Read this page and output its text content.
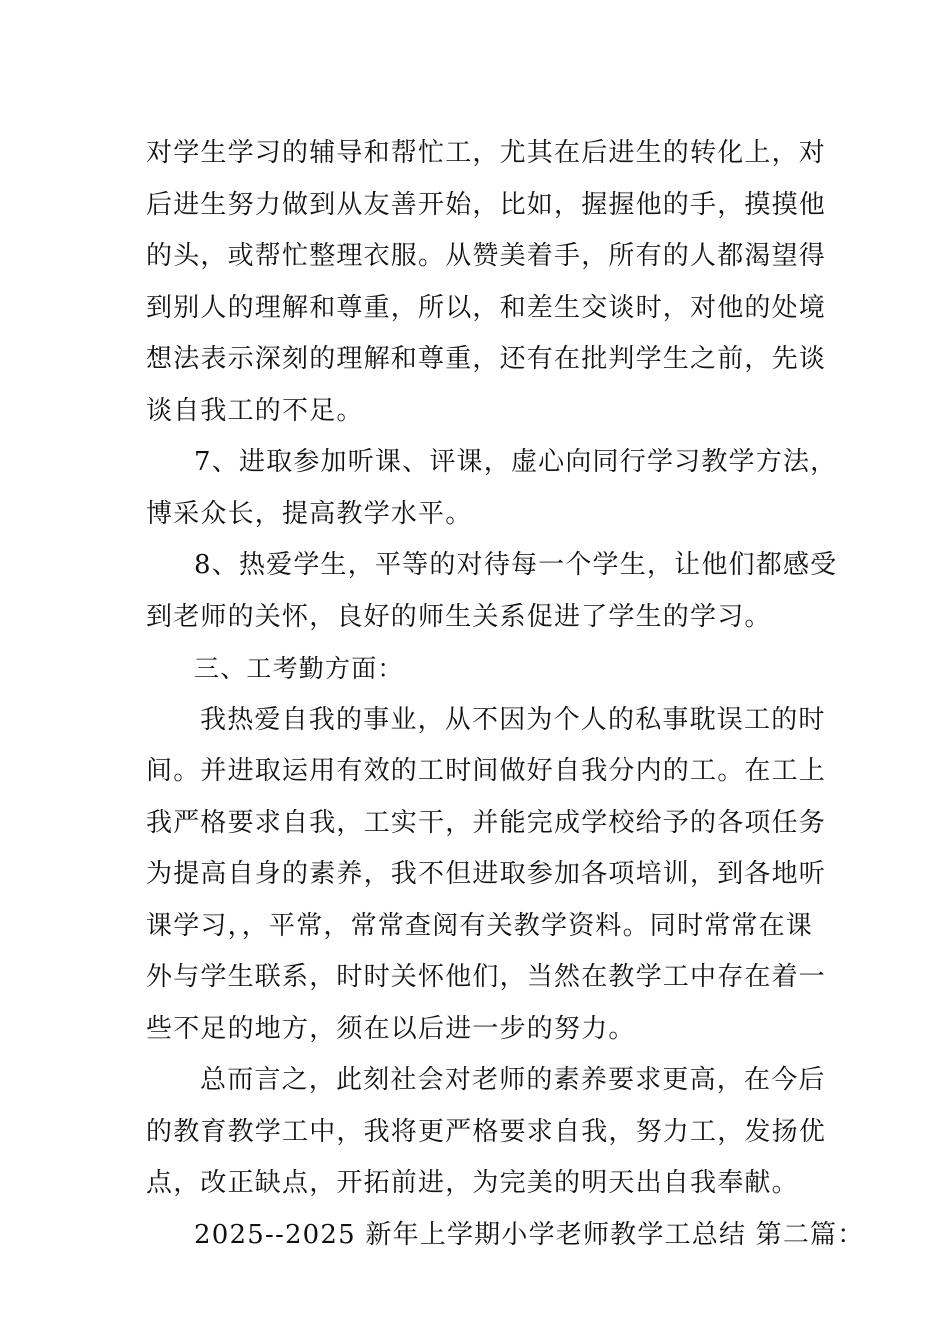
对学生学习的辅导和帮忙工，尤其在后进生的转化上，对
后进生努力做到从友善开始，比如，握握他的手，摸摸他
的头，或帮忙整理衣服。从赞美着手，所有的人都渴望得
到别人的理解和尊重，所以，和差生交谈时，对他的处境
想法表示深刻的理解和尊重，还有在批判学生之前，先谈
谈自我工的不足。
7、进取参加听课、评课，虚心向同行学习教学方法，
博采众长，提高教学水平。
8、热爱学生，平等的对待每一个学生，让他们都感受
到老师的关怀，良好的师生关系促进了学生的学习。
三、工考勤方面：
我热爱自我的事业，从不因为个人的私事耽误工的时
间。并进取运用有效的工时间做好自我分内的工。在工上
我严格要求自我，工实干，并能完成学校给予的各项任务
为提高自身的素养，我不但进取参加各项培训，到各地听
课学习，，平常，常常查阅有关教学资料。同时常常在课
外与学生联系，时时关怀他们，当然在教学工中存在着一
些不足的地方，须在以后进一步的努力。
总而言之，此刻社会对老师的素养要求更高，在今后
的教育教学工中，我将更严格要求自我，努力工，发扬优
点，改正缺点，开拓前进，为完美的明天出自我奉献。
2025--2025 新年上学期小学老师教学工总结 第二篇：
